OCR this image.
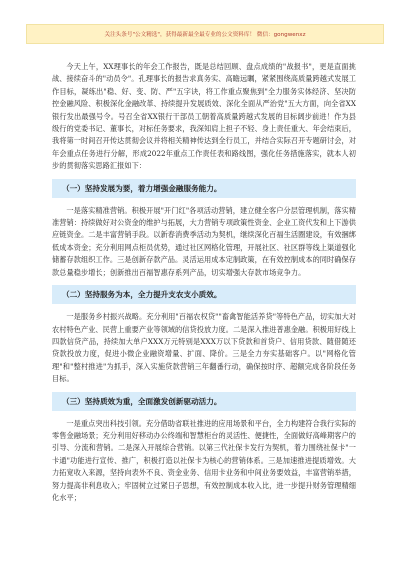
关注头条号"公文精选"，获得最新最全最专业的公文资料库！ 微信：gongwenxz

今天上午，XX理事长的年会工作报告，既是总结回顾、盘点成绩的"战报书"，更是直面挑战、接续奋斗的"动员令"。孔理事长的报告求真务实、高瞻远瞩，紧紧围绕高质量跨越式发展工作目标，凝练出"稳、好、变、防、严"五字诀，将工作重点聚焦到"全力服务实体经济、坚决防控金融风险、积极深化金融改革、持续提升发展质效、深化全面从严治党"五大方面，向全省XX银行发出最强号令。号召全省XX银行干部员工朝着高质量跨越式发展的目标阔步前进！作为县级行的党委书记、董事长，对标任务要求，我深知肩上担子不轻、身上责任重大、年会结束后，我将第一时间召开传达贯彻会议并将相关精神传达到全行员工，并结合实际召开专题研讨会，对年会重点任务进行分解，形成2022年重点工作责任表和路线图，强化任务措施落实，就本人初步的贯彻落实思路汇报如下：

（一）坚持发展为要，着力增强金融服务能力。

一是落实精准营销。积极开展"开门红"各项活动营销，建立健全客户分层管理机制，落实精准营销：持续做好对公资金的维护与拓展，大力营销专项政策性资金、企业工资代发和上下游供应链资金。二是丰富营销手段。以新春消费季活动为契机，继续深化百福生活圈建设，有效捆绑低成本资金；充分利用网点柜员优势，通过社区网格化管理，开展社区、社区群等线上渠道强化储蓄存款组织工作。三是创新存款产品。灵活运用成本定制政策，在有效控制成本的同时确保存款总量稳步增长；创新推出百福智惠存系列产品，切实增强大存款市场竞争力。

（二）坚持服务为本，全力提升支农支小质效。

一是服务乡村振兴战略。充分利用"百福农权贷""畜禽智能活养贷"等特色产品，切实加大对农村特色产业、民营上重要产业等领域的信贷投放力度。二是深入推进普惠金融。积极用好线上四款信贷产品，持续加大单户XXX万元特别是XXX万以下贷款和首贷户、信用贷款、随借随还贷款投放力度，促进小微企业融资增量、扩面、降价。三是全力夯实基础客户。以"网格化管理"和"整村推进"为抓手，深入实施贷款营销三年翻番行动，确保按时序、超额完成各阶段任务目标。

（三）坚持质效为重，全面激发创新驱动活力。

一是重点突出科技引领。充分借助省联社推进的应用场景和平台，全力构建符合我行实际的零售金融场景；充分利用好移动办公终端和智慧柜台的灵活性、便捷性，全面做好高峰期客户的引导、分流和营销。二是深入开展综合营销。以第三代社保卡发行为契机，着力围绕社保卡"一卡通"功能进行宣传、推广，积极打造以社保卡为核心的营销体系。三是加速推进提质增效。大力拓宽收入来源，坚持向表外不良、资金业务、信用卡业务和中间业务要效益，丰富营销举措，努力提高非利息收入；牢固树立过紧日子思想，有效控制成本收入比，进一步提升财务管理精细化水平；
